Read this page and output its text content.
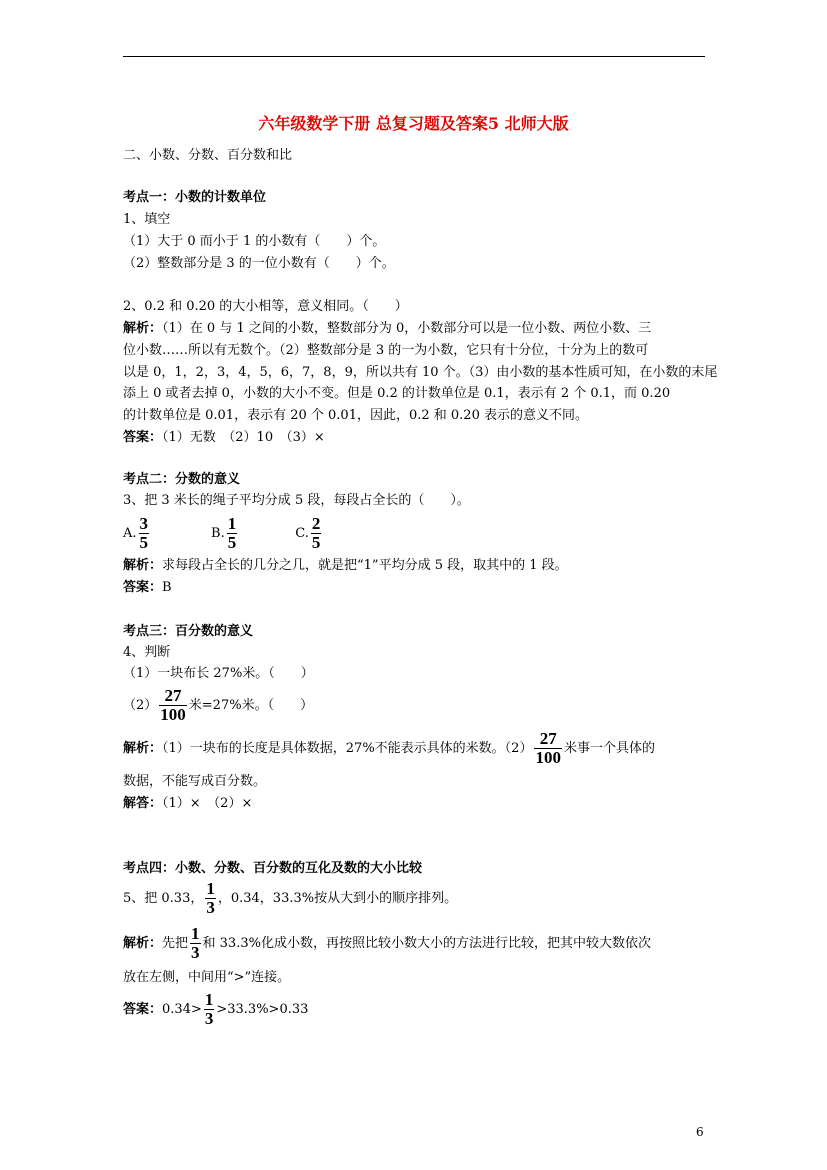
六年级数学下册 总复习题及答案5 北师大版
二、小数、分数、百分数和比
考点一：小数的计数单位
1、填空
（1）大于 0 而小于 1 的小数有（　　）个。
（2）整数部分是 3 的一位小数有（　　）个。
2、0.2 和 0.20 的大小相等，意义相同。（　　）
解析：（1）在 0 与 1 之间的小数，整数部分为 0，小数部分可以是一位小数、两位小数、三
位小数……所以有无数个。（2）整数部分是 3 的一为小数，它只有十分位，十分为上的数可
以是 0，1，2，3，4，5，6，7，8，9，所以共有 10 个。（3）由小数的基本性质可知，在小数的末尾
添上 0 或者去掉 0，小数的大小不变。但是 0.2 的计数单位是 0.1，表示有 2 个 0.1，而 0.20
的计数单位是 0.01，表示有 20 个 0.01，因此，0.2 和 0.20 表示的意义不同。
答案：（1）无数　（2）10　（3）×
考点二：分数的意义
3、把 3 米长的绳子平均分成 5 段，每段占全长的（　　）。
A. $\frac{3}{5}$	B. $\frac{1}{5}$	C. $\frac{2}{5}$
解析：求每段占全长的几分之几，就是把“1”平均分成 5 段，取其中的 1 段。
答案：B
考点三：百分数的意义
4、判断
（1）一块布长 27%米。（　　）
$(2) \frac{27}{100}$ 米=27%米。（　　）
解析：（1）一块布的长度是具体数据，27%不能表示具体的米数。$(2) \frac{27}{100}$ 米事一个具体的
数据，不能写成百分数。
解答：（1）×　（2）×
考点四：小数、分数、百分数的互化及数的大小比较
5、把 0.33， $\frac{1}{3}$ ，0.34，33.3%按从大到小的顺序排列。
解析：先把 $\frac{1}{3}$ 和 33.3%化成小数，再按照比较小数大小的方法进行比较，把其中较大数依次
放在左侧，中间用“>”连接。
答案：$0.34> \frac{1}{3} >33.3\%>0.33$
6
